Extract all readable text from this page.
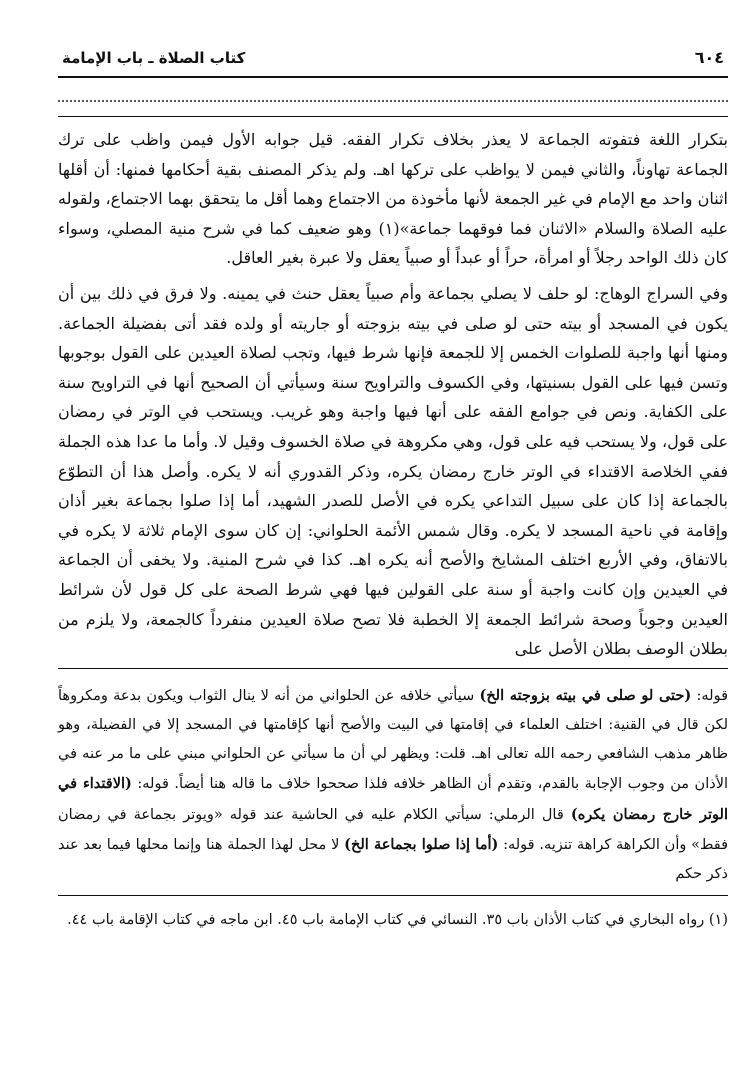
٦٠٤
كتاب الصلاة ـ باب الإمامة

بتكرار اللغة فتفوته الجماعة لا يعذر بخلاف تكرار الفقه. قيل جوابه الأول فيمن واظب على ترك الجماعة تهاوناً، والثاني فيمن لا يواظب على تركها اهـ. ولم يذكر المصنف بقية أحكامها فمنها: أن أقلها اثنان واحد مع الإمام في غير الجمعة لأنها مأخوذة من الاجتماع وهما أقل ما يتحقق بهما الاجتماع، ولقوله عليه الصلاة والسلام «الاثنان فما فوقهما جماعة»(١) وهو ضعيف كما في شرح منية المصلي، وسواء كان ذلك الواحد رجلاً أو امرأة، حراً أو عبداً أو صبياً يعقل ولا عبرة بغير العاقل.

وفي السراج الوهاج: لو حلف لا يصلي بجماعة وأم صبياً يعقل حنث في يمينه. ولا فرق في ذلك بين أن يكون في المسجد أو بيته حتى لو صلى في بيته بزوجته أو جاريته أو ولده فقد أتى بفضيلة الجماعة. ومنها أنها واجبة للصلوات الخمس إلا للجمعة فإنها شرط فيها، وتجب لصلاة العيدين على القول بوجوبها وتسن فيها على القول بسنيتها، وفي الكسوف والتراويح سنة وسيأتي أن الصحيح أنها في التراويح سنة على الكفاية. ونص في جوامع الفقه على أنها فيها واجبة وهو غريب. ويستحب في الوتر في رمضان على قول، ولا يستحب فيه على قول، وهي مكروهة في صلاة الخسوف وقيل لا. وأما ما عدا هذه الجملة ففي الخلاصة الاقتداء في الوتر خارج رمضان يكره، وذكر القدوري أنه لا يكره. وأصل هذا أن التطوّع بالجماعة إذا كان على سبيل التداعي يكره في الأصل للصدر الشهيد، أما إذا صلوا بجماعة بغير أذان وإقامة في ناحية المسجد لا يكره. وقال شمس الأئمة الحلواني: إن كان سوى الإمام ثلاثة لا يكره في بالاتفاق، وفي الأربع اختلف المشايخ والأصح أنه يكره اهـ. كذا في شرح المنية. ولا يخفى أن الجماعة في العيدين وإن كانت واجبة أو سنة على القولين فيها فهي شرط الصحة على كل قول لأن شرائط العيدين وجوباً وصحة شرائط الجمعة إلا الخطبة فلا تصح صلاة العيدين منفرداً كالجمعة، ولا يلزم من بطلان الوصف بطلان الأصل على

قوله: (حتى لو صلى في بيته بزوجته الخ) سيأتي خلافه عن الحلواني من أنه لا ينال الثواب ويكون بدعة ومكروهاً لكن قال في القنية: اختلف العلماء في إقامتها في البيت والأصح أنها كإقامتها في المسجد إلا في الفضيلة، وهو ظاهر مذهب الشافعي رحمه الله تعالى اهـ. قلت: ويظهر لي أن ما سيأتي عن الحلواني مبني على ما مر عنه في الأذان من وجوب الإجابة بالقدم، وتقدم أن الظاهر خلافه فلذا صححوا خلاف ما قاله هنا أيضاً. قوله: (الاقتداء في الوتر خارج رمضان يكره) قال الرملي: سيأتي الكلام عليه في الحاشية عند قوله «ويوتر بجماعة في رمضان فقط» وأن الكراهة كراهة تنزيه. قوله: (أما إذا صلوا بجماعة الخ) لا محل لهذا الجملة هنا وإنما محلها فيما بعد عند ذكر حكم
(١) رواه البخاري في كتاب الأذان باب ٣٥. النسائي في كتاب الإمامة باب ٤٥. ابن ماجه في كتاب الإقامة باب ٤٤.
